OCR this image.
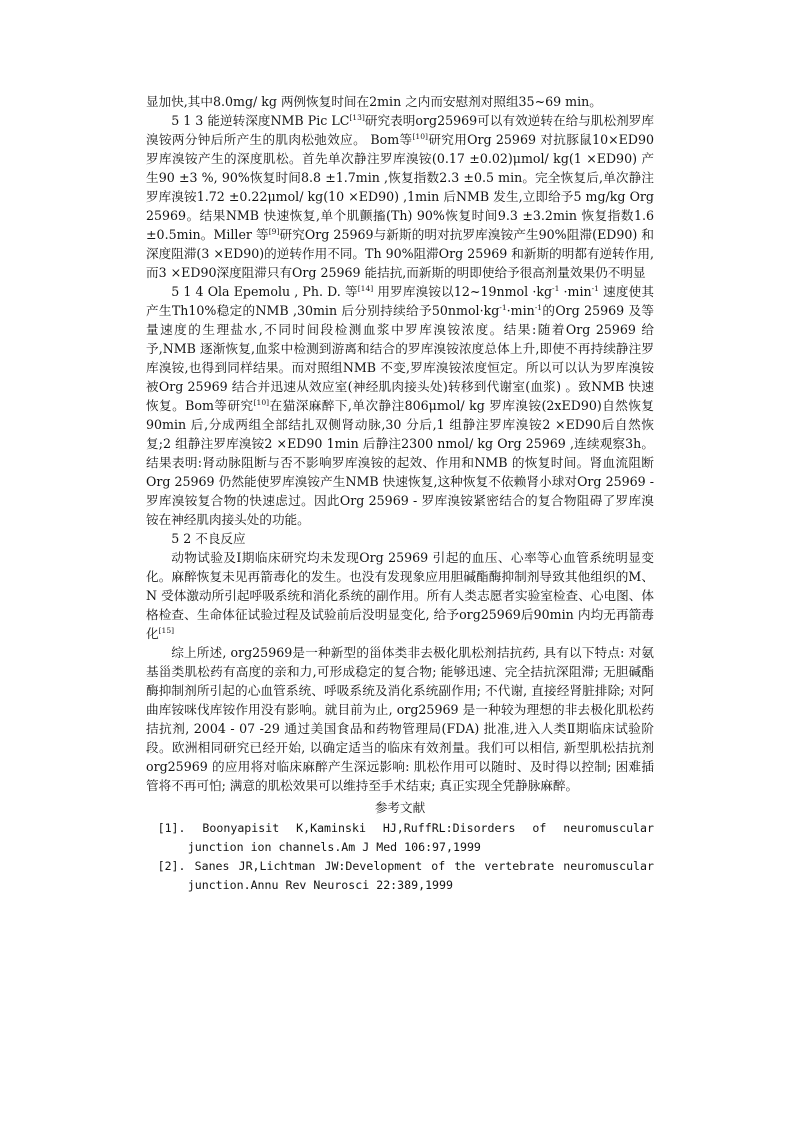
显加快,其中8.0mg/ kg 两例恢复时间在2min 之内而安慰剂对照组35~69 min。

5 1 3 能逆转深度NMB Pic LC[13]研究表明org25969可以有效逆转在给与肌松剂罗库溴铵两分钟后所产生的肌肉松弛效应。 Bom等[10]研究用Org 25969 对抗豚鼠10×ED90罗库溴铵产生的深度肌松。首先单次静注罗库溴铵(0.17 ±0.02)μmol/ kg(1 ×ED90) 产生90 ±3 %, 90%恢复时间8.8 ±1.7min ,恢复指数2.3 ±0.5 min。完全恢复后,单次静注罗库溴铵1.72 ±0.22μmol/ kg(10 ×ED90) ,1min 后NMB 发生,立即给予5 mg/kg Org 25969。结果NMB 快速恢复,单个肌颤搐(Th) 90%恢复时间9.3 ±3.2min 恢复指数1.6 ±0.5min。Miller 等[9]研究Org 25969与新斯的明对抗罗库溴铵产生90%阻滞(ED90) 和深度阻滞(3 ×ED90)的逆转作用不同。Th 90%阻滞Org 25969 和新斯的明都有逆转作用,而3 ×ED90深度阻滞只有Org 25969 能拮抗,而新斯的明即使给予很高剂量效果仍不明显

5 1 4 Ola Epemolu , Ph. D. 等[14] 用罗库溴铵以12~19nmol $\cdot kg^{-1} \cdot\min^{-1}$ 速度使其产生Th10%稳定的NMB ,30min 后分别持续给予$50nmol\cdot kg^{-1}\cdot\min^{-1}$的Org 25969 及等量速度的生理盐水,不同时间段检测血浆中罗库溴铵浓度。结果:随着Org 25969 给予,NMB 逐渐恢复,血浆中检测到游离和结合的罗库溴铵浓度总体上升,即使不再持续静注罗库溴铵,也得到同样结果。而对照组NMB 不变,罗库溴铵浓度恒定。所以可以认为罗库溴铵被Org 25969 结合并迅速从效应室(神经肌肉接头处)转移到代谢室(血浆) 。致NMB 快速恢复。Bom等研究[10]在猫深麻醉下,单次静注806μmol/ kg 罗库溴铵(2xED90)自然恢复90min 后,分成两组全部结扎双侧肾动脉,30 分后,1 组静注罗库溴铵2 ×ED90后自然恢复;2 组静注罗库溴铵2 ×ED90 1min 后静注2300 nmol/ kg Org 25969 ,连续观察3h。结果表明:肾动脉阻断与否不影响罗库溴铵的起效、作用和NMB 的恢复时间。肾血流阻断Org 25969 仍然能使罗库溴铵产生NMB 快速恢复,这种恢复不依赖肾小球对Org 25969 - 罗库溴铵复合物的快速虑过。因此Org 25969 - 罗库溴铵紧密结合的复合物阻碍了罗库溴铵在神经肌肉接头处的功能。

5 2 不良反应

动物试验及Ⅰ期临床研究均未发现Org 25969 引起的血压、心率等心血管系统明显变化。麻醉恢复未见再箭毒化的发生。也没有发现象应用胆碱酯酶抑制剂导致其他组织的M、N 受体激动所引起呼吸系统和消化系统的副作用。所有人类志愿者实验室检查、心电图、体格检查、生命体征试验过程及试验前后没明显变化, 给予org25969后90min 内均无再箭毒化[15]

综上所述, org25969是一种新型的甾体类非去极化肌松剂拮抗药, 具有以下特点: 对氨基甾类肌松药有高度的亲和力,可形成稳定的复合物; 能够迅速、完全拮抗深阻滞; 无胆碱酯酶抑制剂所引起的心血管系统、呼吸系统及消化系统副作用; 不代谢, 直接经肾脏排除; 对阿曲库铵咪伐库铵作用没有影响。就目前为止, org25969 是一种较为理想的非去极化肌松药拮抗剂, 2004 - 07 -29 通过美国食品和药物管理局(FDA) 批准,进入人类Ⅱ期临床试验阶段。欧洲相同研究已经开始, 以确定适当的临床有效剂量。我们可以相信, 新型肌松拮抗剂org25969 的应用将对临床麻醉产生深远影响: 肌松作用可以随时、及时得以控制; 困难插管将不再可怕; 满意的肌松效果可以维持至手术结束; 真正实现全凭静脉麻醉。

参考文献

[1]. Boonyapisit K,Kaminski HJ,RuffRL:Disorders of neuromuscular junction ion channels.Am J Med 106:97,1999

[2]. Sanes JR,Lichtman JW:Development of the vertebrate neuromuscular junction.Annu Rev Neurosci 22:389,1999
